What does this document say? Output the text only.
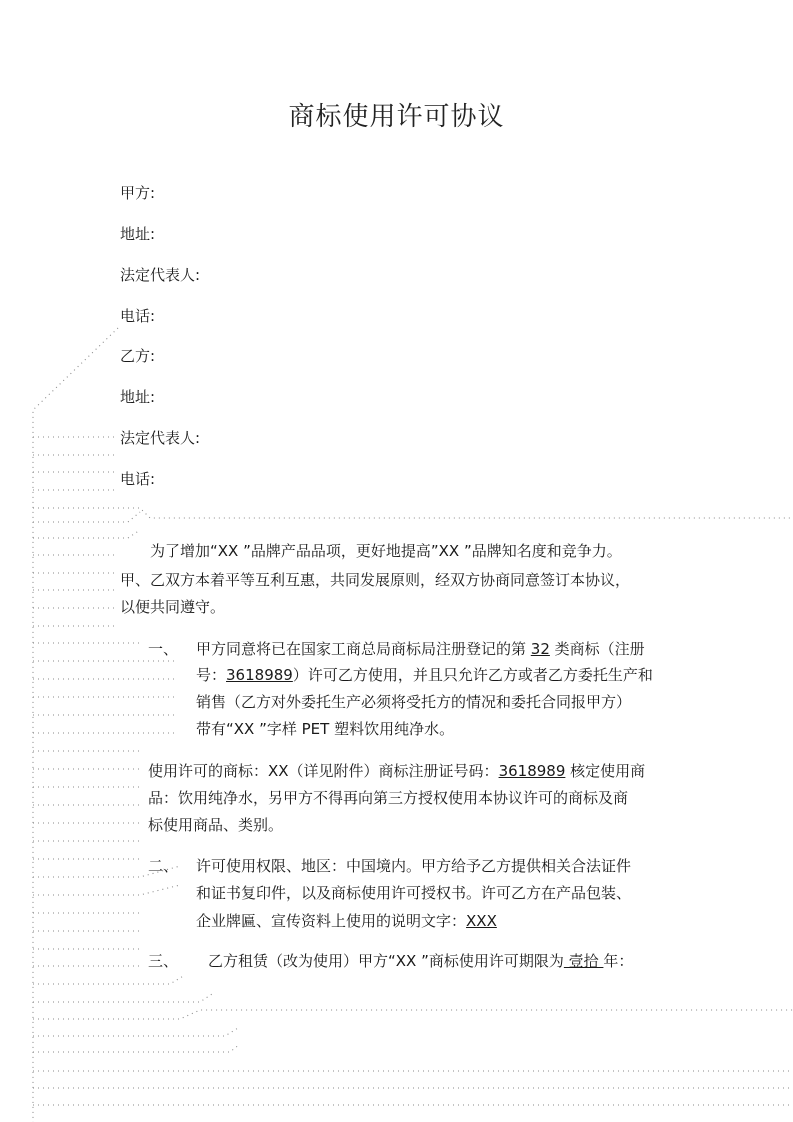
商标使用许可协议
甲方:
地址:
法定代表人:
电话:
乙方:
地址:
法定代表人:
电话:
为了增加“XX ”品牌产品品项，更好地提高”XX ”品牌知名度和竞争力。
甲、乙双方本着平等互利互惠，共同发展原则，经双方协商同意签订本协议，
以便共同遵守。
一、 甲方同意将已在国家工商总局商标局注册登记的第 32 类商标（注册
号：3618989）许可乙方使用，并且只允许乙方或者乙方委托生产和
销售（乙方对外委托生产必须将受托方的情况和委托合同报甲方）
带有“XX ”字样 PET 塑料饮用纯净水。
使用许可的商标：XX（详见附件）商标注册证号码：3618989 核定使用商
品：饮用纯净水，另甲方不得再向第三方授权使用本协议许可的商标及商
标使用商品、类别。
二、 许可使用权限、地区：中国境内。甲方给予乙方提供相关合法证件
和证书复印件，以及商标使用许可授权书。许可乙方在产品包装、
企业牌匾、宣传资料上使用的说明文字：XXX
三、 乙方租赁（改为使用）甲方“XX ”商标使用许可期限为 壹拾 年：
